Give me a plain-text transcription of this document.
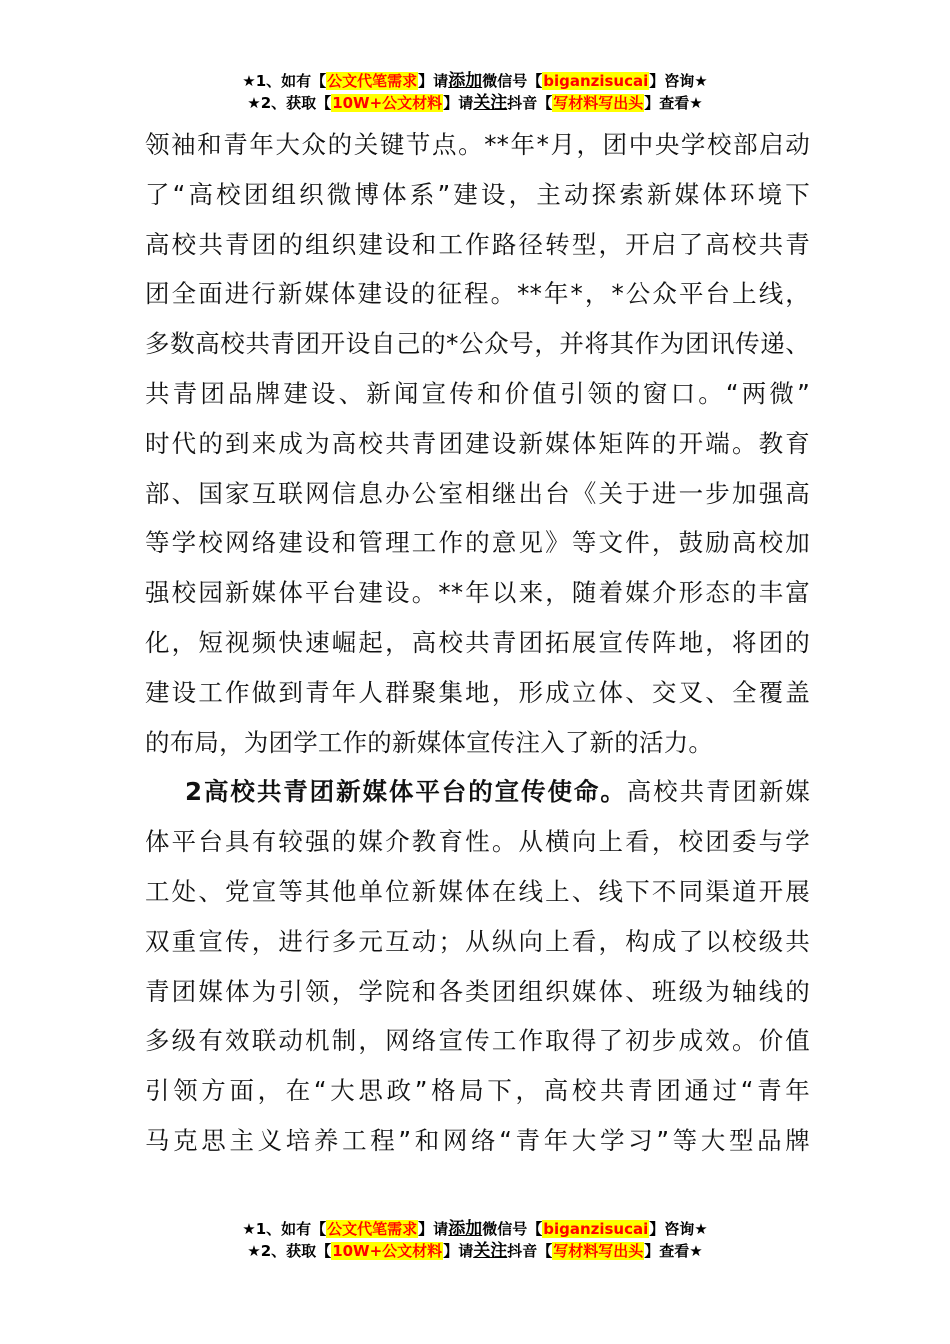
★1、如有【公文代笔需求】请添加微信号【biganzisucai】咨询★
★2、获取【10W+公文材料】请关注抖音【写材料写出头】查看★

领袖和青年大众的关键节点。**年*月，团中央学校部启动
了“高校团组织微博体系”建设，主动探索新媒体环境下
高校共青团的组织建设和工作路径转型，开启了高校共青
团全面进行新媒体建设的征程。**年*，*公众平台上线，
多数高校共青团开设自己的*公众号，并将其作为团讯传递、
共青团品牌建设、新闻宣传和价值引领的窗口。“两微”
时代的到来成为高校共青团建设新媒体矩阵的开端。教育
部、国家互联网信息办公室相继出台《关于进一步加强高
等学校网络建设和管理工作的意见》等文件，鼓励高校加
强校园新媒体平台建设。**年以来，随着媒介形态的丰富
化，短视频快速崛起，高校共青团拓展宣传阵地，将团的
建设工作做到青年人群聚集地，形成立体、交叉、全覆盖
的布局，为团学工作的新媒体宣传注入了新的活力。

2高校共青团新媒体平台的宣传使命。高校共青团新媒
体平台具有较强的媒介教育性。从横向上看，校团委与学
工处、党宣等其他单位新媒体在线上、线下不同渠道开展
双重宣传，进行多元互动；从纵向上看，构成了以校级共
青团媒体为引领，学院和各类团组织媒体、班级为轴线的
多级有效联动机制，网络宣传工作取得了初步成效。价值
引领方面，在“大思政”格局下，高校共青团通过“青年
马克思主义培养工程”和网络“青年大学习”等大型品牌

★1、如有【公文代笔需求】请添加微信号【biganzisucai】咨询★
★2、获取【10W+公文材料】请关注抖音【写材料写出头】查看★
